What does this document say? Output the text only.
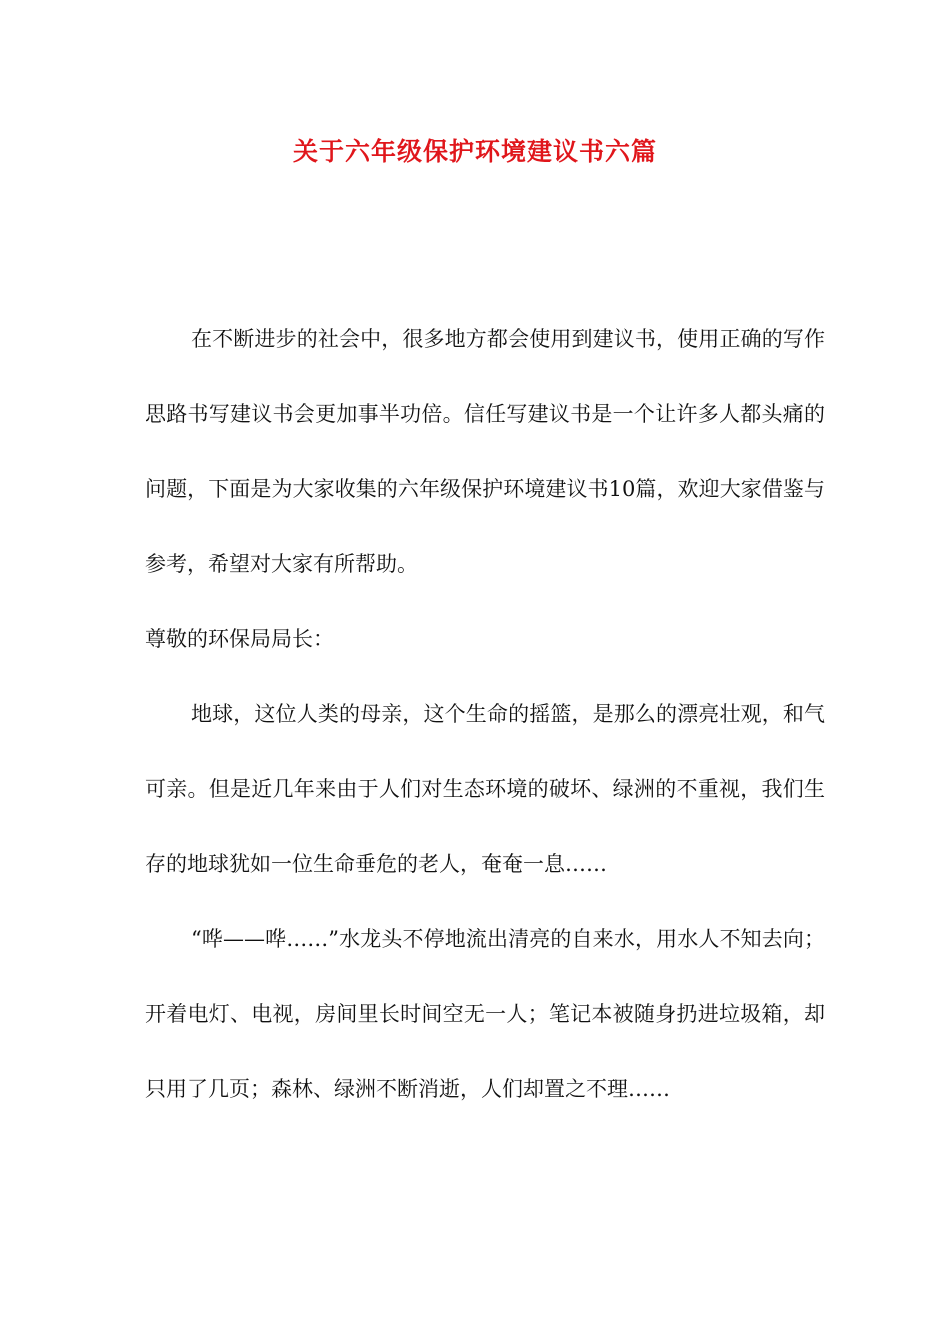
关于六年级保护环境建议书六篇

在不断进步的社会中，很多地方都会使用到建议书，使用正确的写作思路书写建议书会更加事半功倍。信任写建议书是一个让许多人都头痛的问题，下面是为大家收集的六年级保护环境建议书10篇，欢迎大家借鉴与参考，希望对大家有所帮助。

尊敬的环保局局长：

地球，这位人类的母亲，这个生命的摇篮，是那么的漂亮壮观，和气可亲。但是近几年来由于人们对生态环境的破坏、绿洲的不重视，我们生存的地球犹如一位生命垂危的老人，奄奄一息……

“哗——哗……”水龙头不停地流出清亮的自来水，用水人不知去向；开着电灯、电视，房间里长时间空无一人；笔记本被随身扔进垃圾箱，却只用了几页；森林、绿洲不断消逝，人们却置之不理……
